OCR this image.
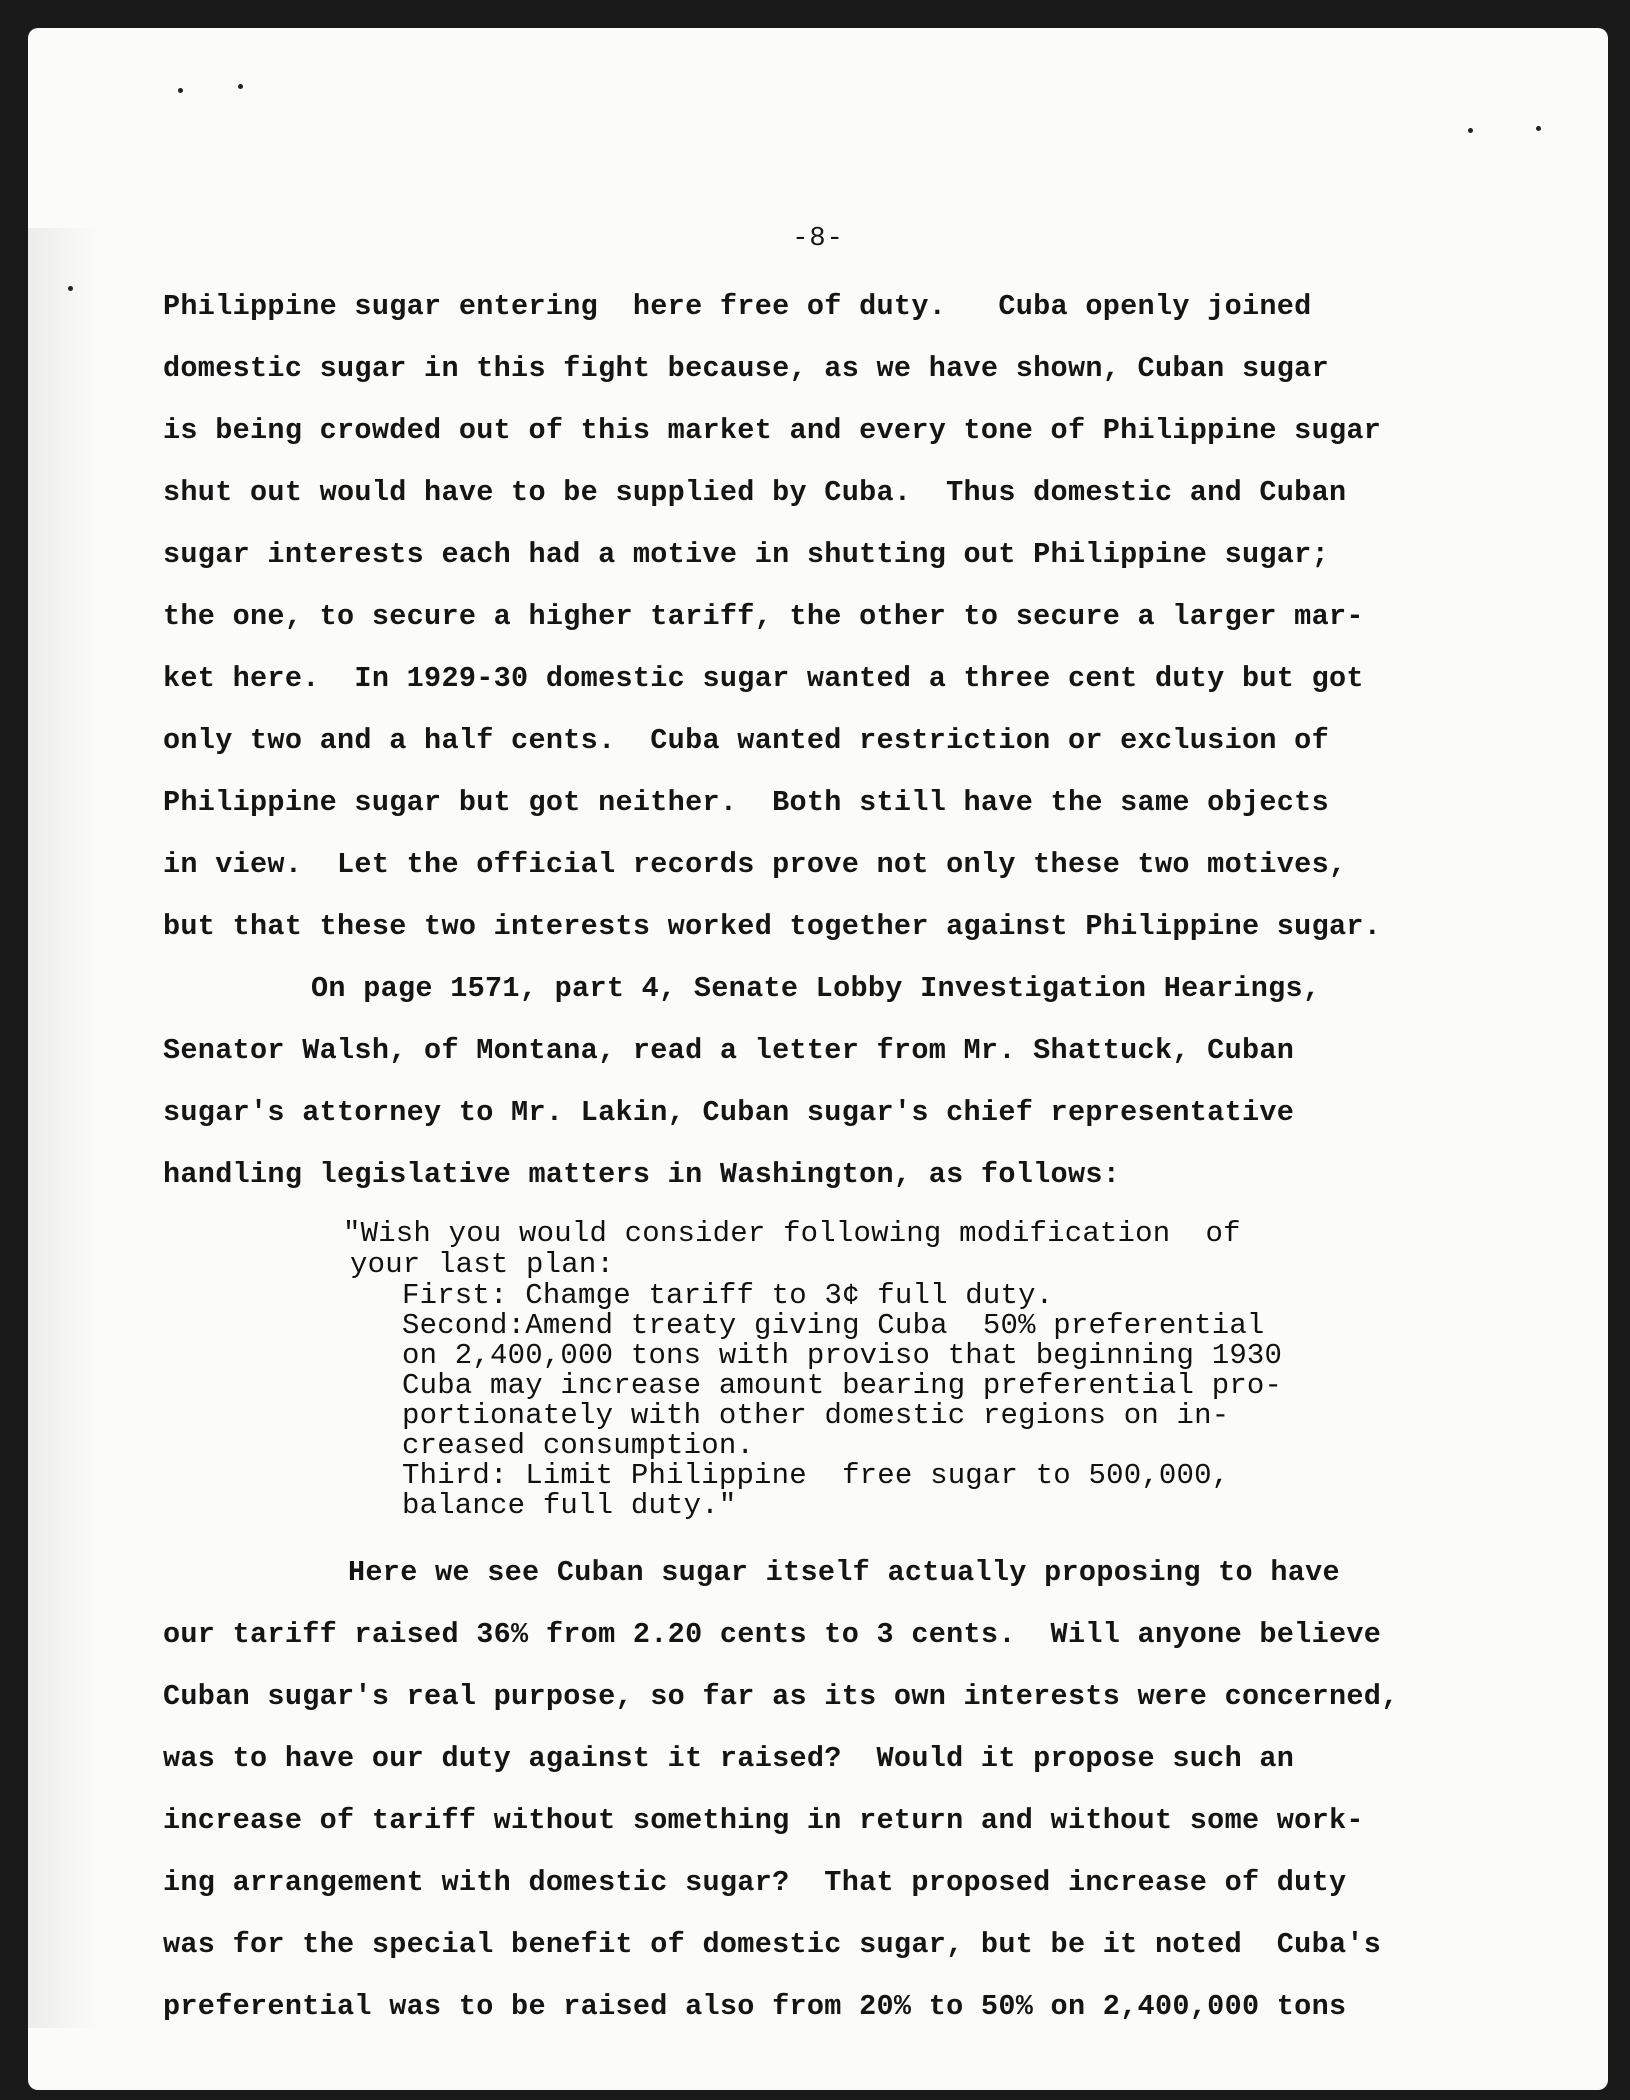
-8-
Philippine sugar entering  here free of duty.   Cuba openly joined
domestic sugar in this fight because, as we have shown, Cuban sugar
is being crowded out of this market and every tone of Philippine sugar
shut out would have to be supplied by Cuba.  Thus domestic and Cuban
sugar interests each had a motive in shutting out Philippine sugar;
the one, to secure a higher tariff, the other to secure a larger mar-
ket here.  In 1929-30 domestic sugar wanted a three cent duty but got
only two and a half cents.  Cuba wanted restriction or exclusion of
Philippine sugar but got neither.  Both still have the same objects
in view.  Let the official records prove not only these two motives,
but that these two interests worked together against Philippine sugar.
On page 1571, part 4, Senate Lobby Investigation Hearings,
Senator Walsh, of Montana, read a letter from Mr. Shattuck, Cuban
sugar's attorney to Mr. Lakin, Cuban sugar's chief representative
handling legislative matters in Washington, as follows:
"Wish you would consider following modification  of
your last plan:
First: Chamge tariff to 3¢ full duty.
Second:Amend treaty giving Cuba  50% preferential
on 2,400,000 tons with proviso that beginning 1930
Cuba may increase amount bearing preferential pro-
portionately with other domestic regions on in-
creased consumption.
Third: Limit Philippine  free sugar to 500,000,
balance full duty."
Here we see Cuban sugar itself actually proposing to have
our tariff raised 36% from 2.20 cents to 3 cents.  Will anyone believe
Cuban sugar's real purpose, so far as its own interests were concerned,
was to have our duty against it raised?  Would it propose such an
increase of tariff without something in return and without some work-
ing arrangement with domestic sugar?  That proposed increase of duty
was for the special benefit of domestic sugar, but be it noted  Cuba's
preferential was to be raised also from 20% to 50% on 2,400,000 tons
